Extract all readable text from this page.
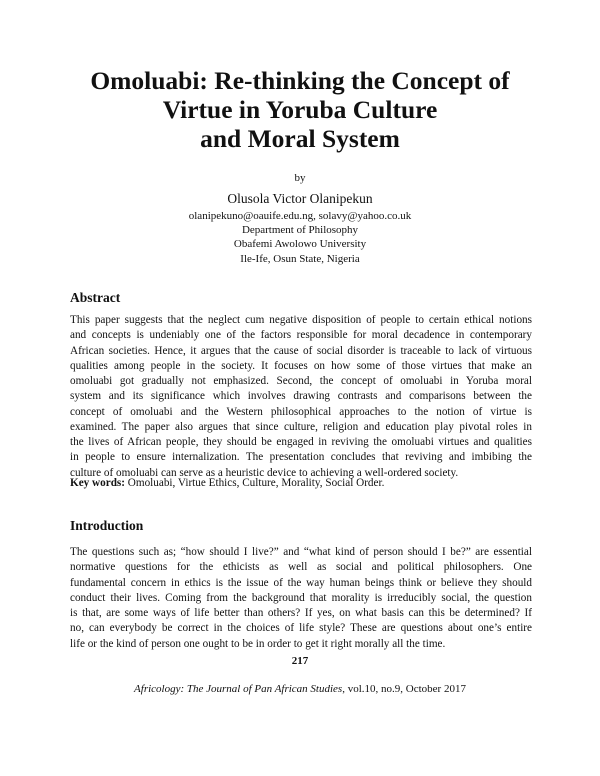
Omoluabi: Re-thinking the Concept of
Virtue in Yoruba Culture
and Moral System
by
Olusola Victor Olanipekun
olanipekuno@oauife.edu.ng, solavy@yahoo.co.uk
Department of Philosophy
Obafemi Awolowo University
Ile-Ife, Osun State, Nigeria
Abstract
This paper suggests that the neglect cum negative disposition of people to certain ethical notions
and concepts is undeniably one of the factors responsible for moral decadence in contemporary
African societies. Hence, it argues that the cause of social disorder is traceable to lack of virtuous
qualities among people in the society. It focuses on how some of those virtues that make an
omoluabi got gradually not emphasized. Second, the concept of omoluabi in Yoruba moral
system and its significance which involves drawing contrasts and comparisons between the
concept of omoluabi and the Western philosophical approaches to the notion of virtue is
examined. The paper also argues that since culture, religion and education play pivotal roles in
the lives of African people, they should be engaged in reviving the omoluabi virtues and qualities
in people to ensure internalization. The presentation concludes that reviving and imbibing the
culture of omoluabi can serve as a heuristic device to achieving a well-ordered society.
Key words: Omoluabi, Virtue Ethics, Culture, Morality, Social Order.
Introduction
The questions such as; “how should I live?” and “what kind of person should I be?” are essential
normative questions for the ethicists as well as social and political philosophers. One
fundamental concern in ethics is the issue of the way human beings think or believe they should
conduct their lives. Coming from the background that morality is irreducibly social, the question
is that, are some ways of life better than others? If yes, on what basis can this be determined? If
no, can everybody be correct in the choices of life style? These are questions about one’s entire
life or the kind of person one ought to be in order to get it right morally all the time.
217
Africology: The Journal of Pan African Studies, vol.10, no.9, October 2017
